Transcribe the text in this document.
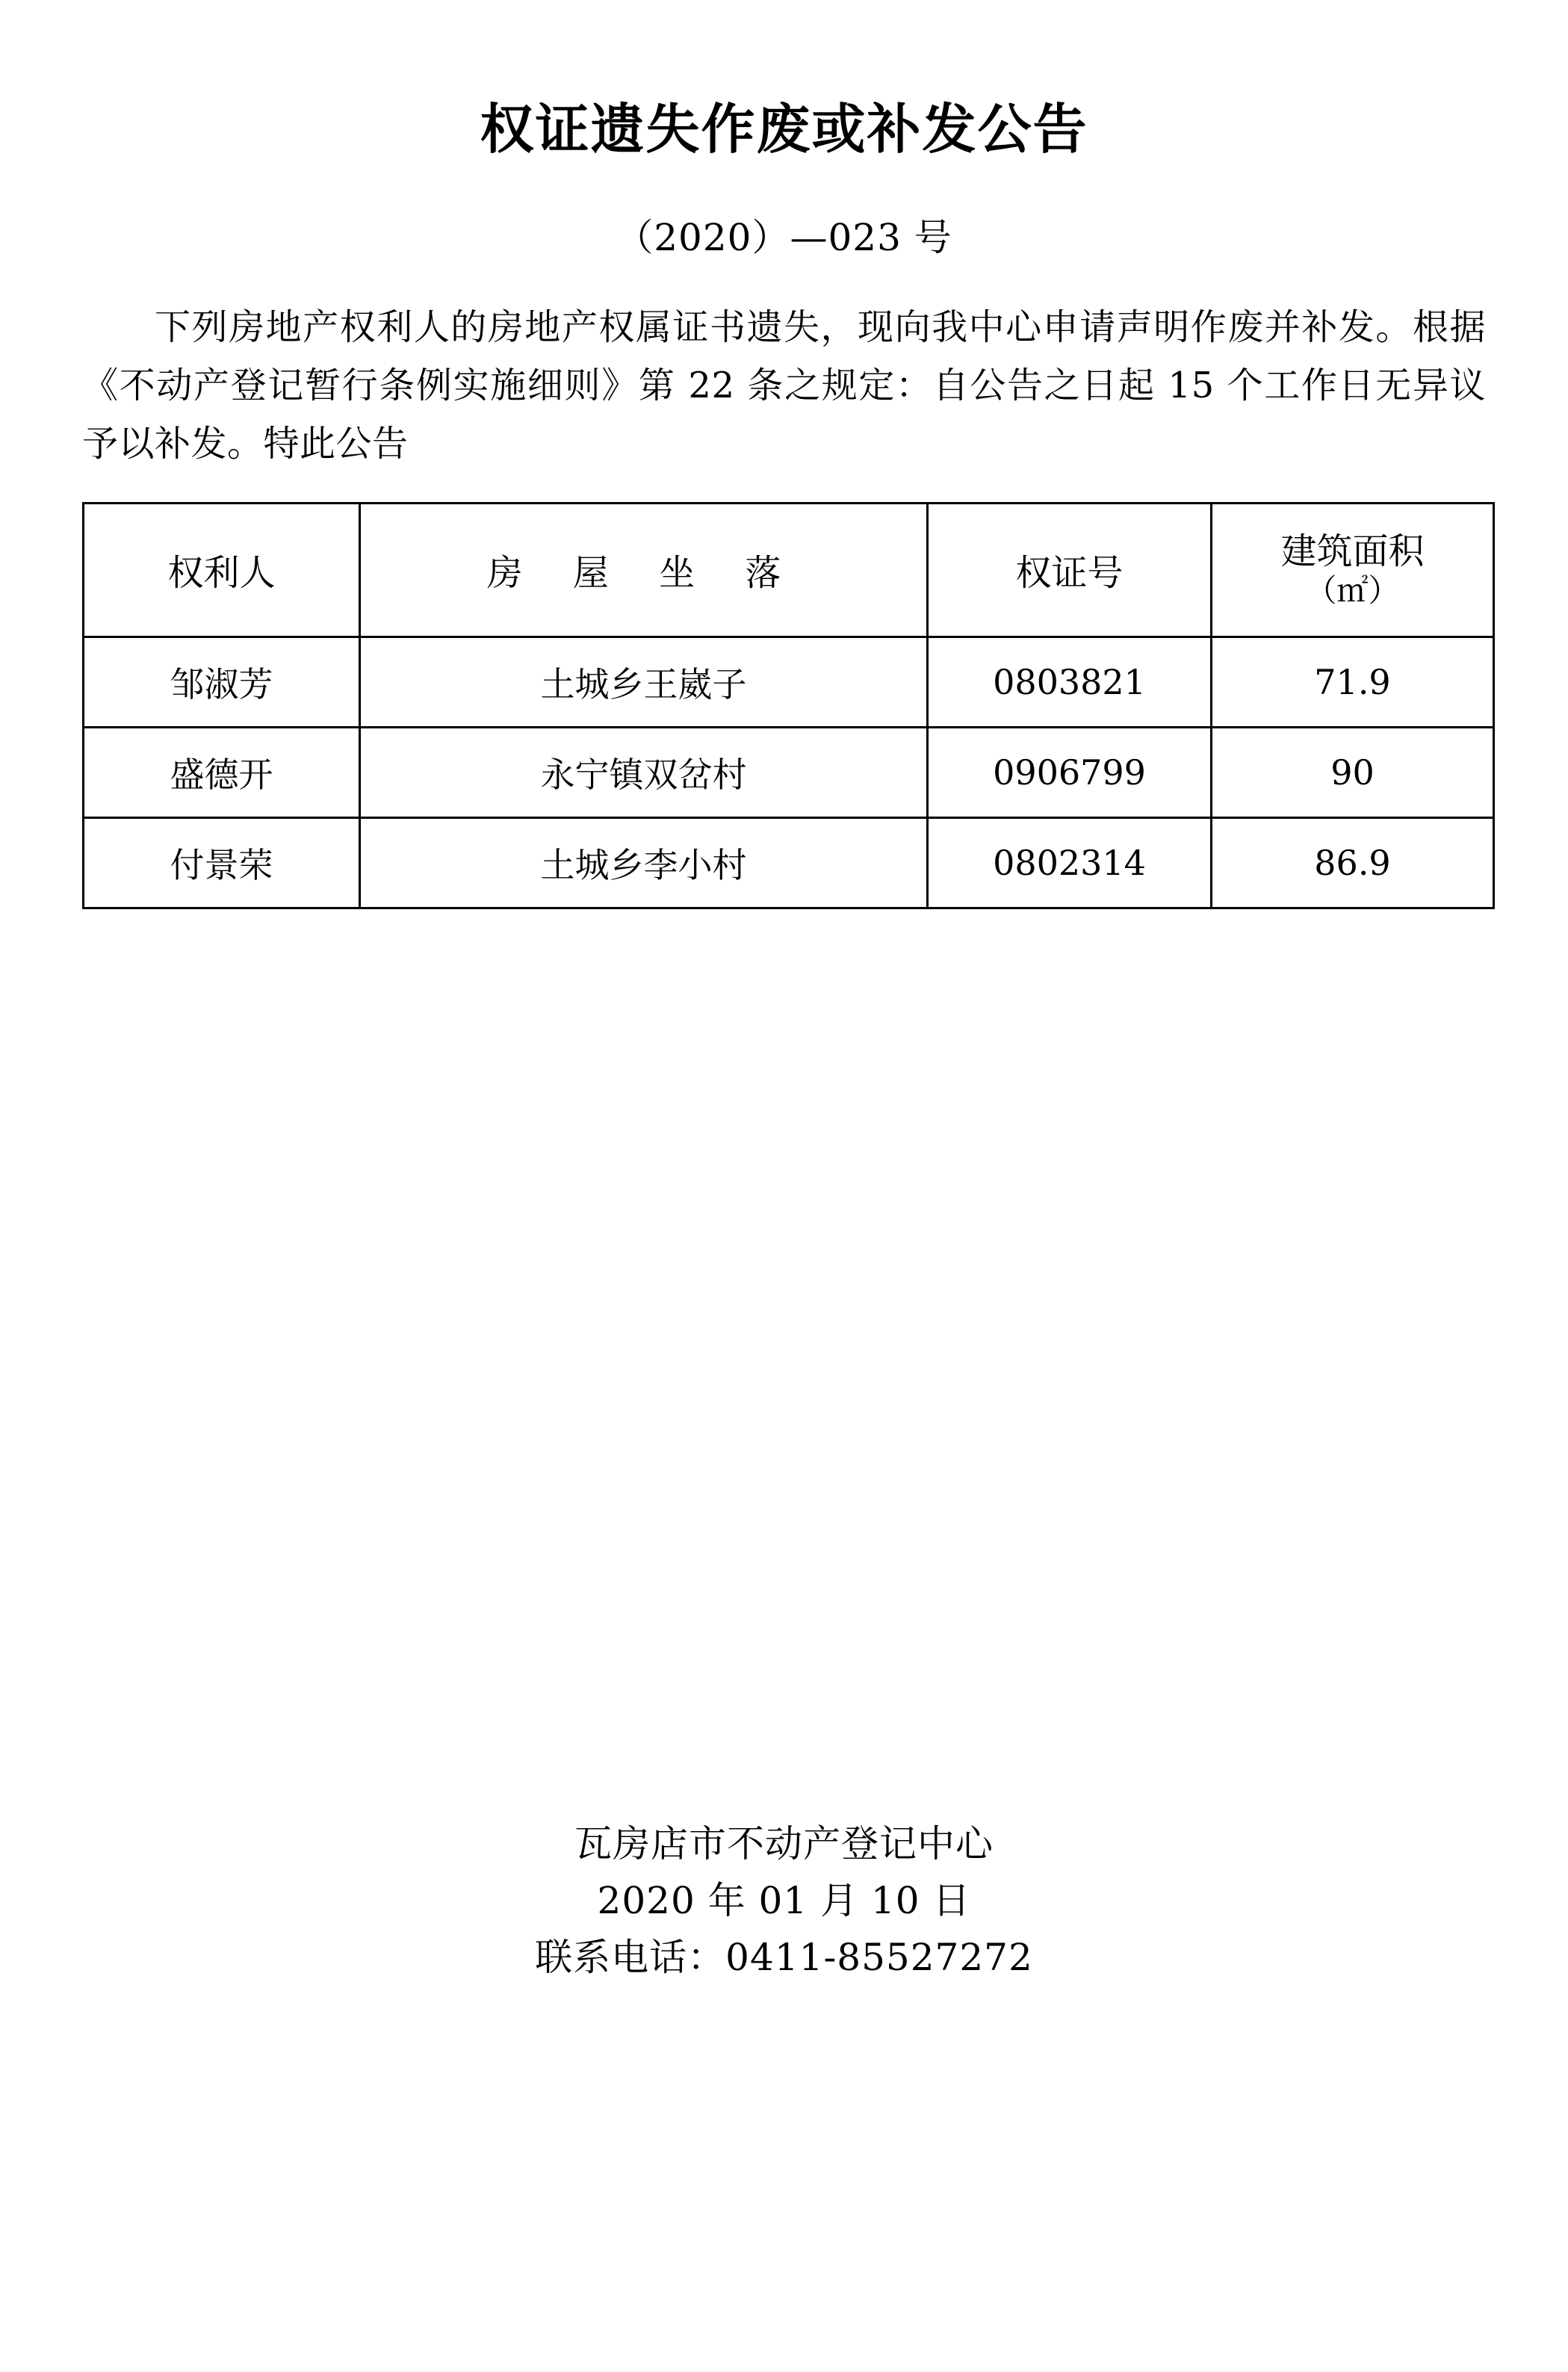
权证遗失作废或补发公告
（2020）—023 号
下列房地产权利人的房地产权属证书遗失，现向我中心申请声明作废并补发。根据《不动产登记暂行条例实施细则》第 22 条之规定：自公告之日起 15 个工作日无异议予以补发。特此公告
权利人	房 屋 坐 落	权证号	建筑面积
（㎡）

邹淑芳	土城乡王崴子	0803821	71.9
盛德开	永宁镇双岔村	0906799	90
付景荣	土城乡李小村	0802314	86.9
瓦房店市不动产登记中心
2020 年 01 月 10 日
联系电话：0411-85527272
